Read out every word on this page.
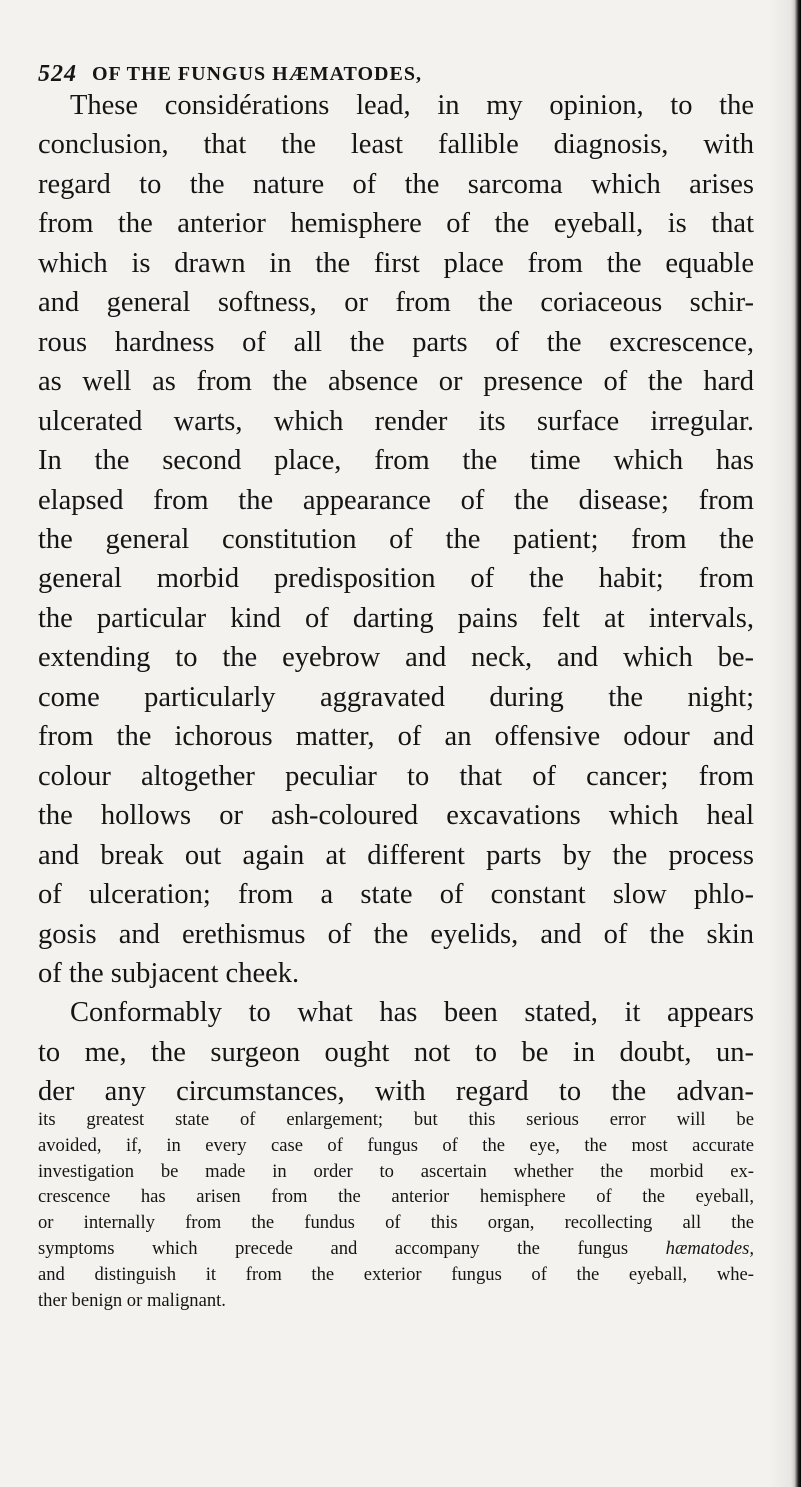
524 OF THE FUNGUS HÆMATODES,
These considérations lead, in my opinion, to the
conclusion, that the least fallible diagnosis, with
regard to the nature of the sarcoma which arises
from the anterior hemisphere of the eyeball, is that
which is drawn in the first place from the equable
and general softness, or from the coriaceous schir-
rous hardness of all the parts of the excrescence,
as well as from the absence or presence of the hard
ulcerated warts, which render its surface irregular.
In the second place, from the time which has
elapsed from the appearance of the disease; from
the general constitution of the patient; from the
general morbid predisposition of the habit; from
the particular kind of darting pains felt at intervals,
extending to the eyebrow and neck, and which be-
come particularly aggravated during the night;
from the ichorous matter, of an offensive odour and
colour altogether peculiar to that of cancer; from
the hollows or ash-coloured excavations which heal
and break out again at different parts by the process
of ulceration; from a state of constant slow phlo-
gosis and erethismus of the eyelids, and of the skin
of the subjacent cheek.
Conformably to what has been stated, it appears
to me, the surgeon ought not to be in doubt, un-
der any circumstances, with regard to the advan-
its greatest state of enlargement; but this serious error will be
avoided, if, in every case of fungus of the eye, the most accurate
investigation be made in order to ascertain whether the morbid ex-
crescence has arisen from the anterior hemisphere of the eyeball,
or internally from the fundus of this organ, recollecting all the
symptoms which precede and accompany the fungus hæmatodes,
and distinguish it from the exterior fungus of the eyeball, whe-
ther benign or malignant.
